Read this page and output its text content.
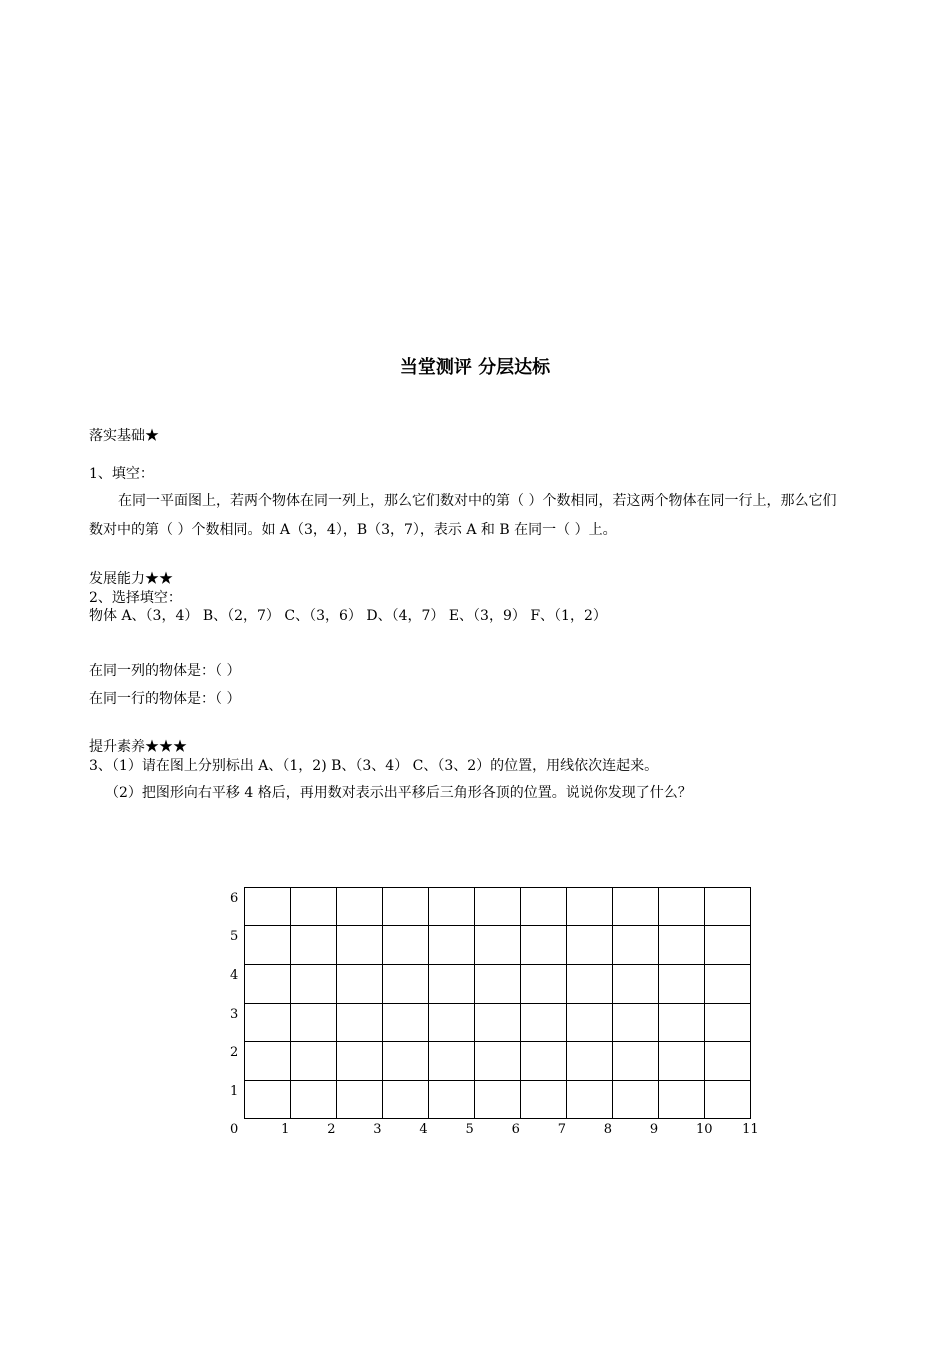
当堂测评 分层达标
落实基础★
1、填空：
在同一平面图上，若两个物体在同一列上，那么它们数对中的第（ ）个数相同，若这两个物体在同一行上，那么它们
数对中的第（ ）个数相同。如 A（3，4），B（3，7），表示 A 和 B 在同一（ ）上。
发展能力★★
2、选择填空：
物体 A、（3，4） B、（2，7） C、（3，6） D、（4，7） E、（3，9） F、（1，2）
在同一列的物体是：（ ）
在同一行的物体是：（ ）
提升素养★★★
3、（1）请在图上分别标出 A、（1，2) B、（3、4） C、（3、2）的位置，用线依次连起来。
（2）把图形向右平移 4 格后，再用数对表示出平移后三角形各顶的位置。说说你发现了什么？

6
5
4
3
2
1
0	1	2	3	4	5	6	7	8	9	10 11
